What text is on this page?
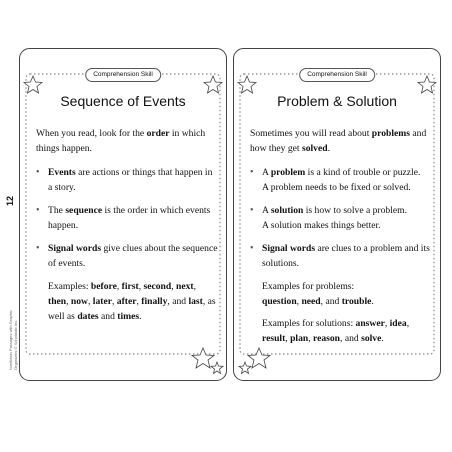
12
Nonfiction Passages with Graphic Organizers © Scholastic Inc.
Comprehension Skill
Sequence of Events

When you read, look for the order in which things happen.

• Events are actions or things that happen in a story.
• The sequence is the order in which events happen.
• Signal words give clues about the sequence of events.
Examples: before, first, second, next, then, now, later, after, finally, and last, as well as dates and times.
Comprehension Skill
Problem & Solution

Sometimes you will read about problems and how they get solved.

• A problem is a kind of trouble or puzzle.
A problem needs to be fixed or solved.
• A solution is how to solve a problem.
A solution makes things better.
• Signal words are clues to a problem and its solutions.
Examples for problems:
question, need, and trouble.
Examples for solutions: answer, idea, result, plan, reason, and solve.
